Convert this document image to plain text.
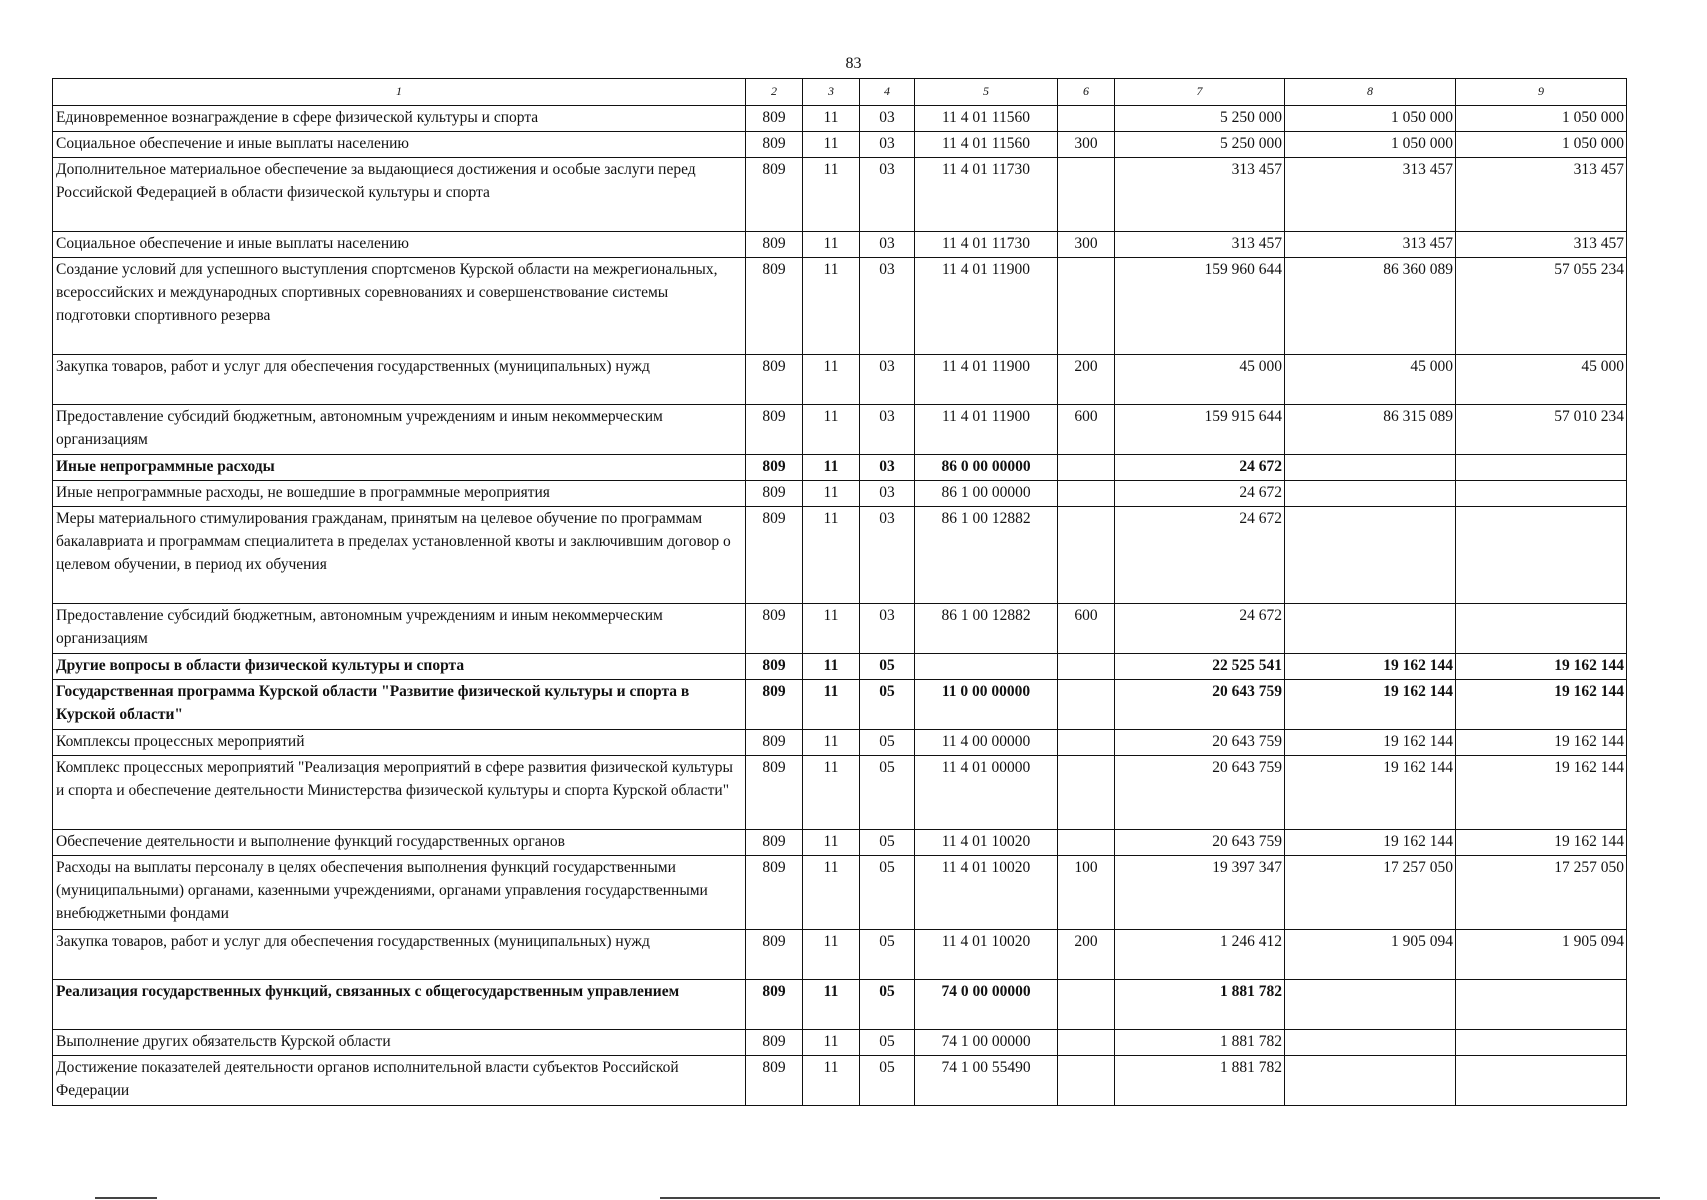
83
1	2	3	4	5	6	7	8	9
Единовременное вознаграждение в сфере физической культуры и спорта	809	11	03	11 4 01 11560		5 250 000	1 050 000	1 050 000
Социальное обеспечение и иные выплаты населению	809	11	03	11 4 01 11560	300	5 250 000	1 050 000	1 050 000
Дополнительное материальное обеспечение за выдающиеся достижения и особые заслуги перед Российской Федерацией в области физической культуры и спорта	809	11	03	11 4 01 11730		313 457	313 457	313 457
Социальное обеспечение и иные выплаты населению	809	11	03	11 4 01 11730	300	313 457	313 457	313 457
Создание условий для успешного выступления спортсменов Курской области на межрегиональных, всероссийских и международных спортивных соревнованиях и совершенствование системы подготовки спортивного резерва	809	11	03	11 4 01 11900		159 960 644	86 360 089	57 055 234
Закупка товаров, работ и услуг для обеспечения государственных (муниципальных) нужд	809	11	03	11 4 01 11900	200	45 000	45 000	45 000
Предоставление субсидий бюджетным, автономным учреждениям и иным некоммерческим организациям	809	11	03	11 4 01 11900	600	159 915 644	86 315 089	57 010 234
Иные непрограммные расходы	809	11	03	86 0 00 00000		24 672		
Иные непрограммные расходы, не вошедшие в программные мероприятия	809	11	03	86 1 00 00000		24 672		
Меры материального стимулирования гражданам, принятым на целевое обучение по программам бакалавриата и программам специалитета в пределах установленной квоты и заключившим договор о целевом обучении, в период их обучения	809	11	03	86 1 00 12882		24 672		
Предоставление субсидий бюджетным, автономным учреждениям и иным некоммерческим организациям	809	11	03	86 1 00 12882	600	24 672		
Другие вопросы в области физической культуры и спорта	809	11	05			22 525 541	19 162 144	19 162 144
Государственная программа Курской области "Развитие физической культуры и спорта в Курской области"	809	11	05	11 0 00 00000		20 643 759	19 162 144	19 162 144
Комплексы процессных мероприятий	809	11	05	11 4 00 00000		20 643 759	19 162 144	19 162 144
Комплекс процессных мероприятий "Реализация мероприятий в сфере развития физической культуры и спорта и обеспечение деятельности Министерства физической культуры и спорта Курской области"	809	11	05	11 4 01 00000		20 643 759	19 162 144	19 162 144
Обеспечение деятельности и выполнение функций государственных органов	809	11	05	11 4 01 10020		20 643 759	19 162 144	19 162 144
Расходы на выплаты персоналу в целях обеспечения выполнения функций государственными (муниципальными) органами, казенными учреждениями, органами управления государственными внебюджетными фондами	809	11	05	11 4 01 10020	100	19 397 347	17 257 050	17 257 050
Закупка товаров, работ и услуг для обеспечения государственных (муниципальных) нужд	809	11	05	11 4 01 10020	200	1 246 412	1 905 094	1 905 094
Реализация государственных функций, связанных с общегосударственным управлением	809	11	05	74 0 00 00000		1 881 782		
Выполнение других обязательств Курской области	809	11	05	74 1 00 00000		1 881 782		
Достижение показателей деятельности органов исполнительной власти субъектов Российской Федерации	809	11	05	74 1 00 55490		1 881 782		
